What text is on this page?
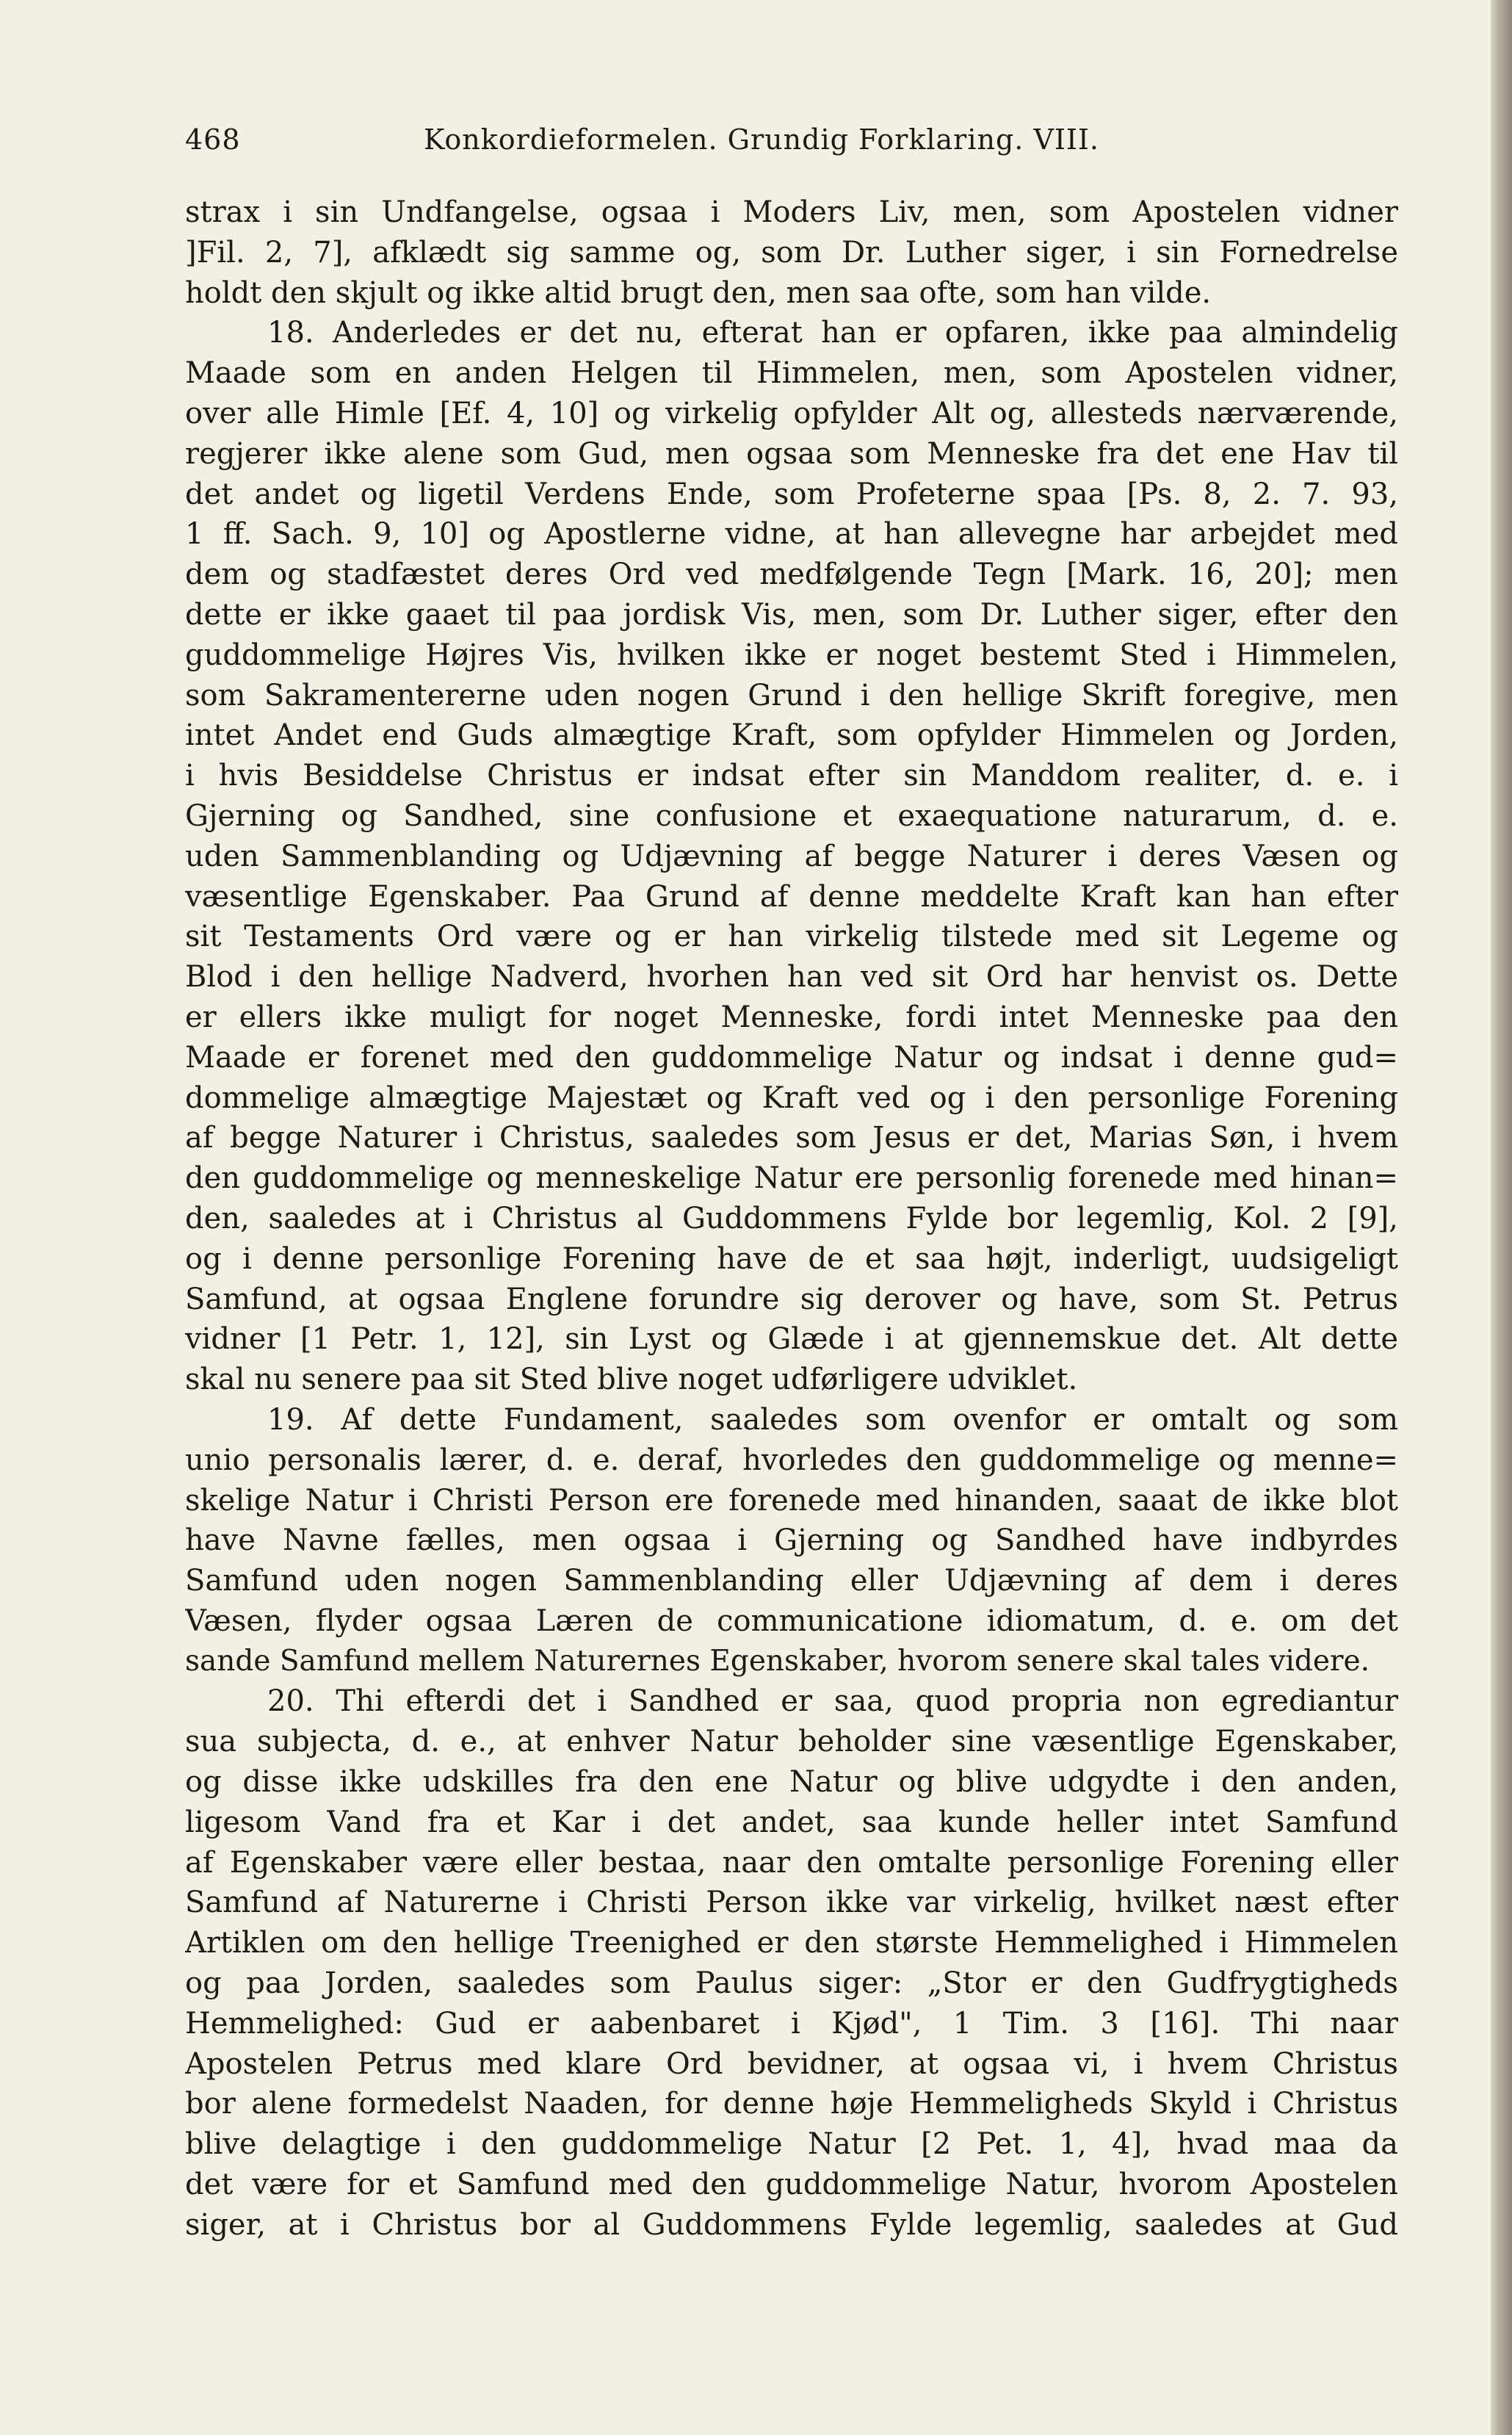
468	Konkordieformelen. Grundig Forklaring. VIII.
strax i sin Undfangelse, ogsaa i Moders Liv, men, som Apostelen vidner
]Fil. 2, 7], afklædt sig samme og, som Dr. Luther siger, i sin Fornedrelse
holdt den skjult og ikke altid brugt den, men saa ofte, som han vilde.
18. Anderledes er det nu, efterat han er opfaren, ikke paa almindelig
Maade som en anden Helgen til Himmelen, men, som Apostelen vidner,
over alle Himle [Ef. 4, 10] og virkelig opfylder Alt og, allesteds nærværende,
regjerer ikke alene som Gud, men ogsaa som Menneske fra det ene Hav til
det andet og ligetil Verdens Ende, som Profeterne spaa [Ps. 8, 2. 7. 93,
1 ff. Sach. 9, 10] og Apostlerne vidne, at han allevegne har arbejdet med
dem og stadfæstet deres Ord ved medfølgende Tegn [Mark. 16, 20]; men
dette er ikke gaaet til paa jordisk Vis, men, som Dr. Luther siger, efter den
guddommelige Højres Vis, hvilken ikke er noget bestemt Sted i Himmelen,
som Sakramentererne uden nogen Grund i den hellige Skrift foregive, men
intet Andet end Guds almægtige Kraft, som opfylder Himmelen og Jorden,
i hvis Besiddelse Christus er indsat efter sin Manddom realiter, d. e. i
Gjerning og Sandhed, sine confusione et exaequatione naturarum, d. e.
uden Sammenblanding og Udjævning af begge Naturer i deres Væsen og
væsentlige Egenskaber. Paa Grund af denne meddelte Kraft kan han efter
sit Testaments Ord være og er han virkelig tilstede med sit Legeme og
Blod i den hellige Nadverd, hvorhen han ved sit Ord har henvist os. Dette
er ellers ikke muligt for noget Menneske, fordi intet Menneske paa den
Maade er forenet med den guddommelige Natur og indsat i denne gud=
dommelige almægtige Majestæt og Kraft ved og i den personlige Forening
af begge Naturer i Christus, saaledes som Jesus er det, Marias Søn, i hvem
den guddommelige og menneskelige Natur ere personlig forenede med hinan=
den, saaledes at i Christus al Guddommens Fylde bor legemlig, Kol. 2 [9],
og i denne personlige Forening have de et saa højt, inderligt, uudsigeligt
Samfund, at ogsaa Englene forundre sig derover og have, som St. Petrus
vidner [1 Petr. 1, 12], sin Lyst og Glæde i at gjennemskue det. Alt dette
skal nu senere paa sit Sted blive noget udførligere udviklet.
19. Af dette Fundament, saaledes som ovenfor er omtalt og som
unio personalis lærer, d. e. deraf, hvorledes den guddommelige og menne=
skelige Natur i Christi Person ere forenede med hinanden, saaat de ikke blot
have Navne fælles, men ogsaa i Gjerning og Sandhed have indbyrdes
Samfund uden nogen Sammenblanding eller Udjævning af dem i deres
Væsen, flyder ogsaa Læren de communicatione idiomatum, d. e. om det
sande Samfund mellem Naturernes Egenskaber, hvorom senere skal tales videre.
20. Thi efterdi det i Sandhed er saa, quod propria non egrediantur
sua subjecta, d. e., at enhver Natur beholder sine væsentlige Egenskaber,
og disse ikke udskilles fra den ene Natur og blive udgydte i den anden,
ligesom Vand fra et Kar i det andet, saa kunde heller intet Samfund
af Egenskaber være eller bestaa, naar den omtalte personlige Forening eller
Samfund af Naturerne i Christi Person ikke var virkelig, hvilket næst efter
Artiklen om den hellige Treenighed er den største Hemmelighed i Himmelen
og paa Jorden, saaledes som Paulus siger: „Stor er den Gudfrygtigheds
Hemmelighed: Gud er aabenbaret i Kjød", 1 Tim. 3 [16]. Thi naar
Apostelen Petrus med klare Ord bevidner, at ogsaa vi, i hvem Christus
bor alene formedelst Naaden, for denne høje Hemmeligheds Skyld i Christus
blive delagtige i den guddommelige Natur [2 Pet. 1, 4], hvad maa da
det være for et Samfund med den guddommelige Natur, hvorom Apostelen
siger, at i Christus bor al Guddommens Fylde legemlig, saaledes at Gud
